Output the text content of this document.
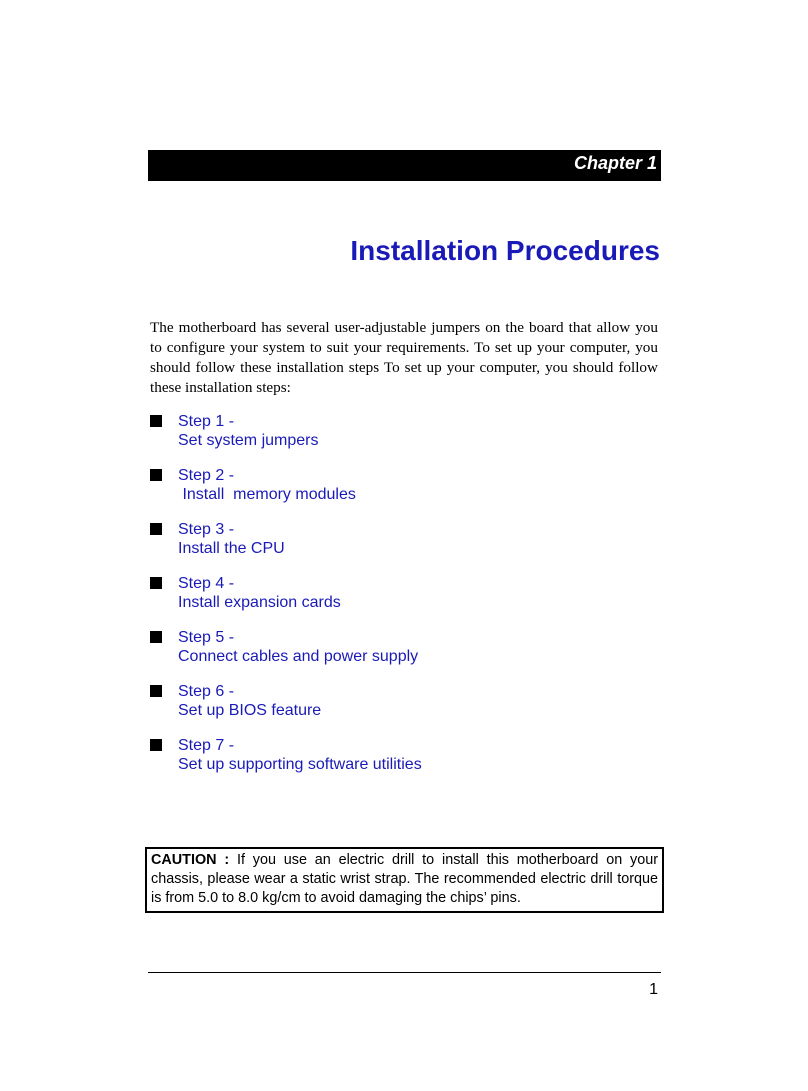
Chapter 1
Installation Procedures

The motherboard has several user-adjustable jumpers on the board that allow you to configure your system to suit your requirements. To set up your computer, you should follow these installation steps To set up your computer, you should follow these installation steps:

Step 1 -
Set system jumpers
Step 2 -
Install  memory modules
Step 3 -
Install the CPU
Step 4 -
Install expansion cards
Step 5 -
Connect cables and power supply
Step 6 -
Set up BIOS feature
Step 7 -
Set up supporting software utilities
CAUTION : If you use an electric drill to install this motherboard on your chassis, please wear a static wrist strap. The recommended electric drill torque is from 5.0 to 8.0 kg/cm to avoid damaging the chips’ pins.
1
